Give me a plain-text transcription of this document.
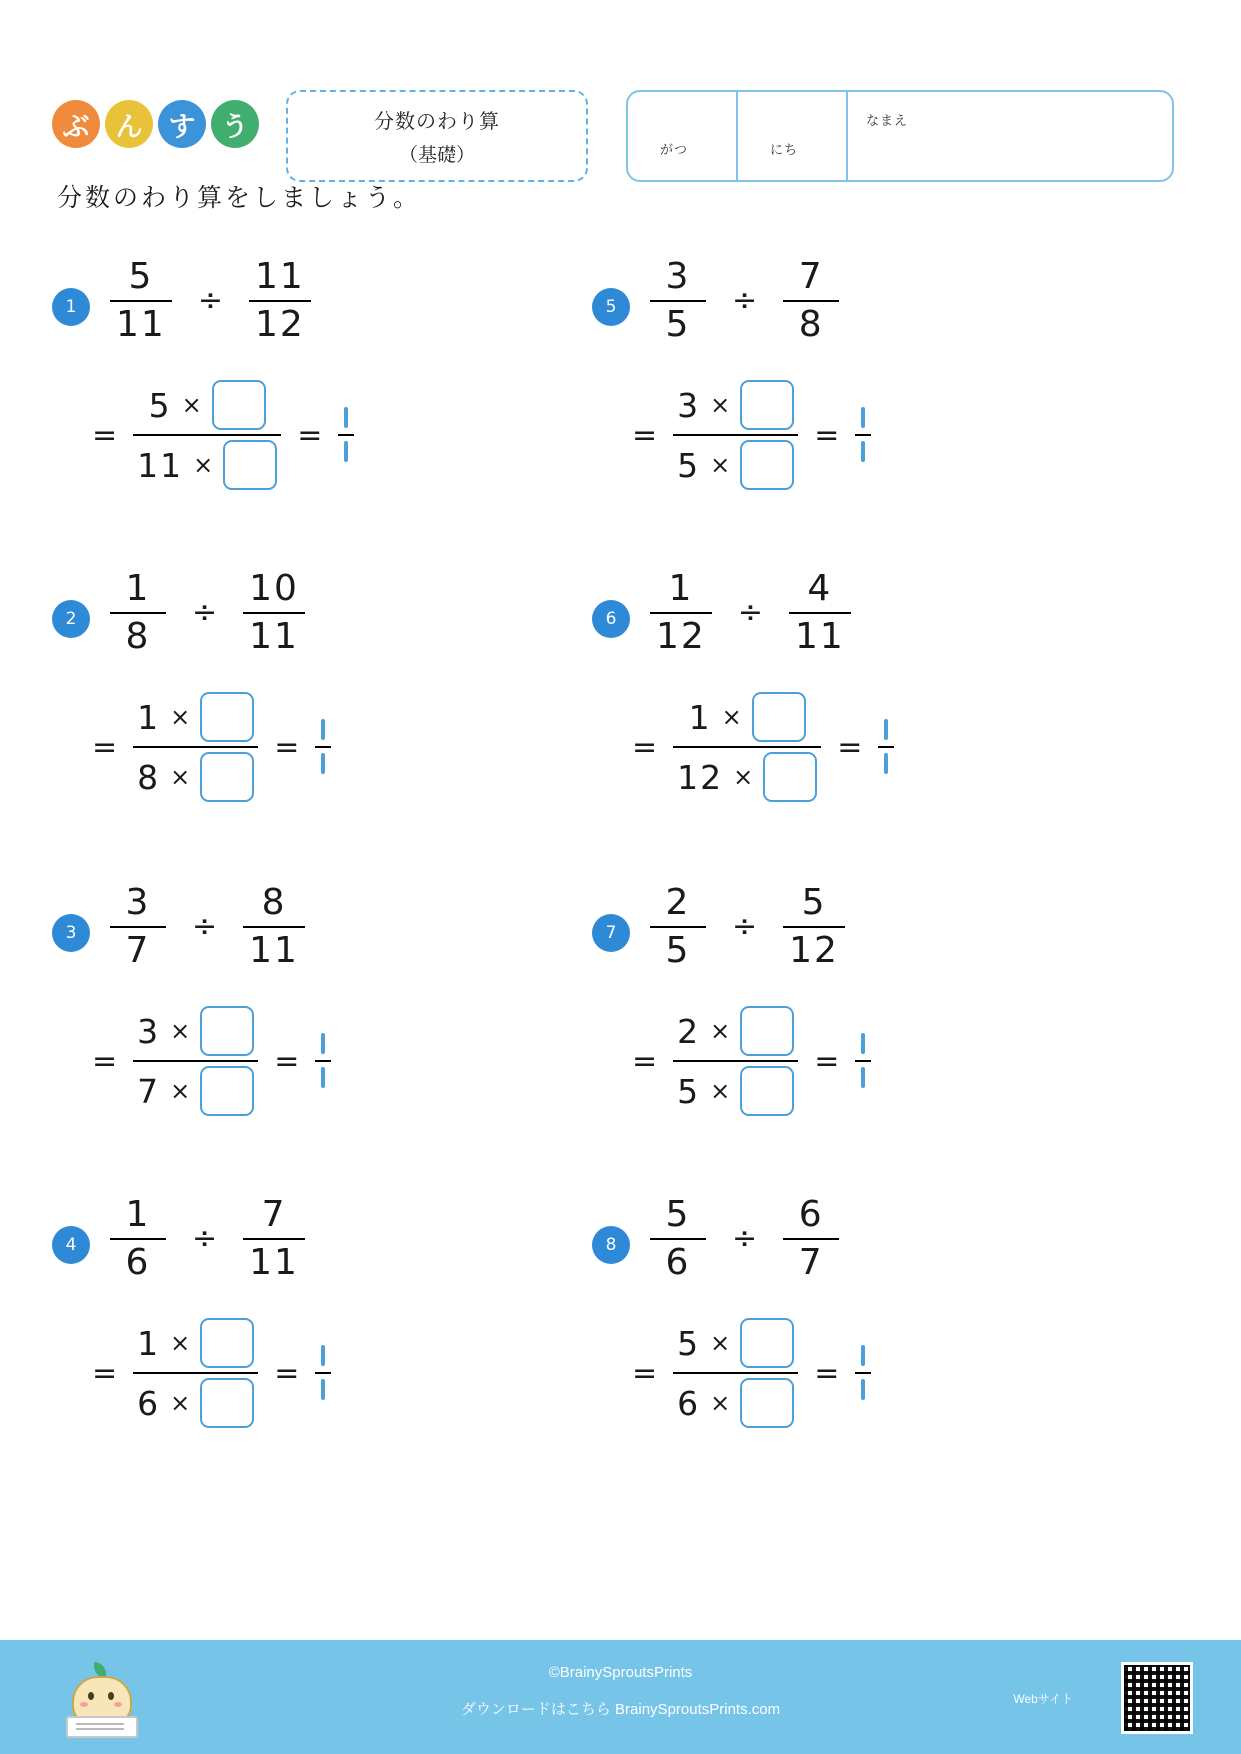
ぶ ん す う	分数のわり算
（基礎）	がつ	にち
なまえ
分数のわり算をしましょう。
$1 \frac{5}{11} \div \frac{11}{12}$
=
5 ×
11 ×
=
$2 \frac{1}{8} \div \frac{10}{11}$
=
1 ×
8 ×
=
$3 \frac{3}{7} \div \frac{8}{11}$
=
3 ×
7 ×
=
$4 \frac{1}{6} \div \frac{7}{11}$
=
1 ×
6 ×
=
$5 \frac{3}{5} \div \frac{7}{8}$
=
3 ×
5 ×
=
$6 \frac{1}{12} \div \frac{4}{11}$
=
1 ×
12 ×
=
$7 \frac{2}{5} \div \frac{5}{12}$
=
2 ×
5 ×
=
$8 \frac{5}{6} \div \frac{6}{7}$
=
5 ×
6 ×
=
©BrainySproutsPrints
ダウンロードはこちら BrainySproutsPrints.com
Webサイト
